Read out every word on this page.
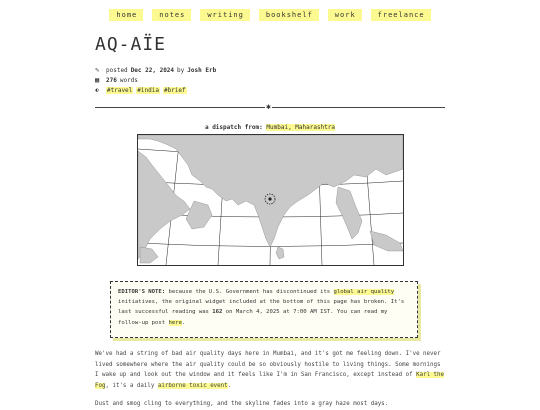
home	notes	writing	bookshelf	work	freelance
AQ-AÏE
✎	posted Dec 22, 2024 by Josh Erb
▦	276 words
⬖	#travel #india #brief
✱
a dispatch from: Mumbai, Maharashtra
EDITOR'S NOTE: because the U.S. Government has discontinued its global air quality initiatives, the original widget included at the bottom of this page has broken. It's last successful reading was 162 on March 4, 2025 at 7:00 AM IST. You can read my follow-up post here.
We've had a string of bad air quality days here in Mumbai, and it's got me feeling down. I've never lived somewhere where the air quality could be so obviously hostile to living things. Some mornings I wake up and look out the window and it feels like I'm in San Francisco, except instead of Karl the Fog, it's a daily airborne toxic event.
Dust and smog cling to everything, and the skyline fades into a gray haze most days.
